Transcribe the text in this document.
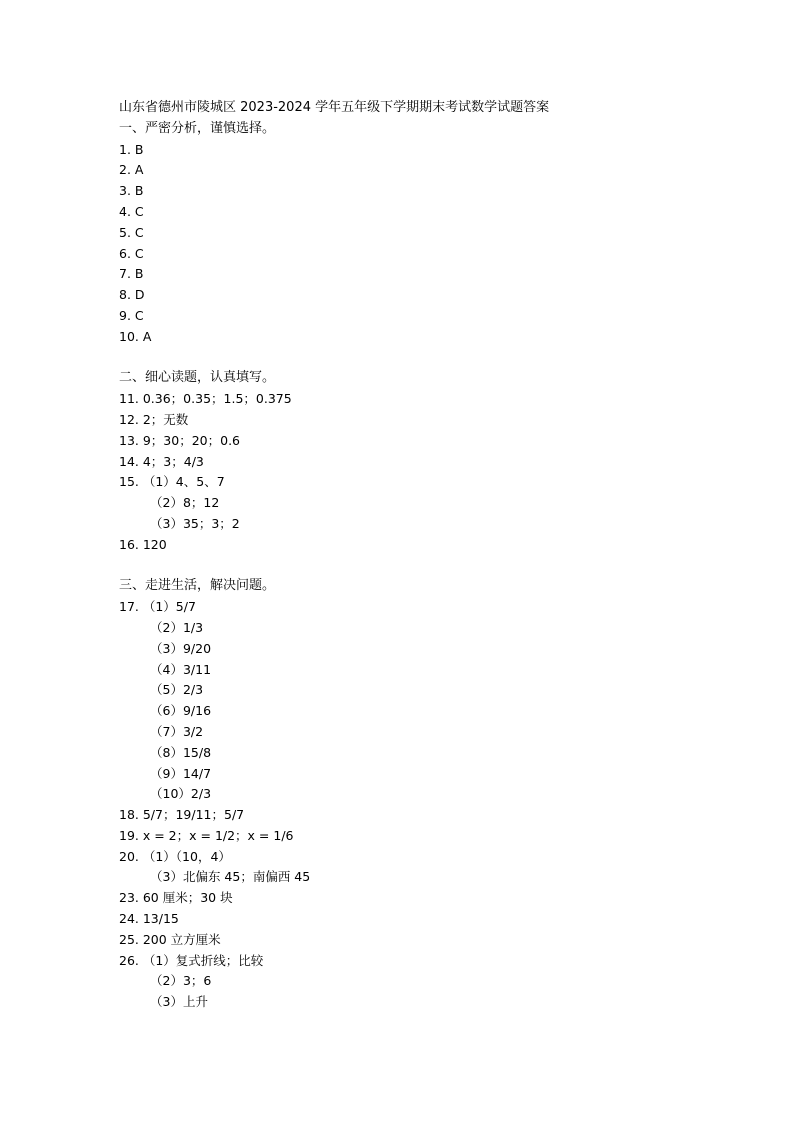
山东省德州市陵城区 2023-2024 学年五年级下学期期末考试数学试题答案
一、严密分析，谨慎选择。
1. B
2. A
3. B
4. C
5. C
6. C
7. B
8. D
9. C
10. A
二、细心读题，认真填写。
11. 0.36；0.35；1.5；0.375
12. 2；无数
13. 9；30；20；0.6
14. 4；3；4/3
15. （1）4、5、7
（2）8；12
（3）35；3；2
16. 120
三、走进生活，解决问题。
17. （1）5/7
（2）1/3
（3）9/20
（4）3/11
（5）2/3
（6）9/16
（7）3/2
（8）15/8
（9）14/7
（10）2/3
18. 5/7；19/11；5/7
19. x = 2；x = 1/2；x = 1/6
20. （1）（10，4）
（3）北偏东 45；南偏西 45
23. 60 厘米；30 块
24. 13/15
25. 200 立方厘米
26. （1）复式折线；比较
（2）3；6
（3）上升
